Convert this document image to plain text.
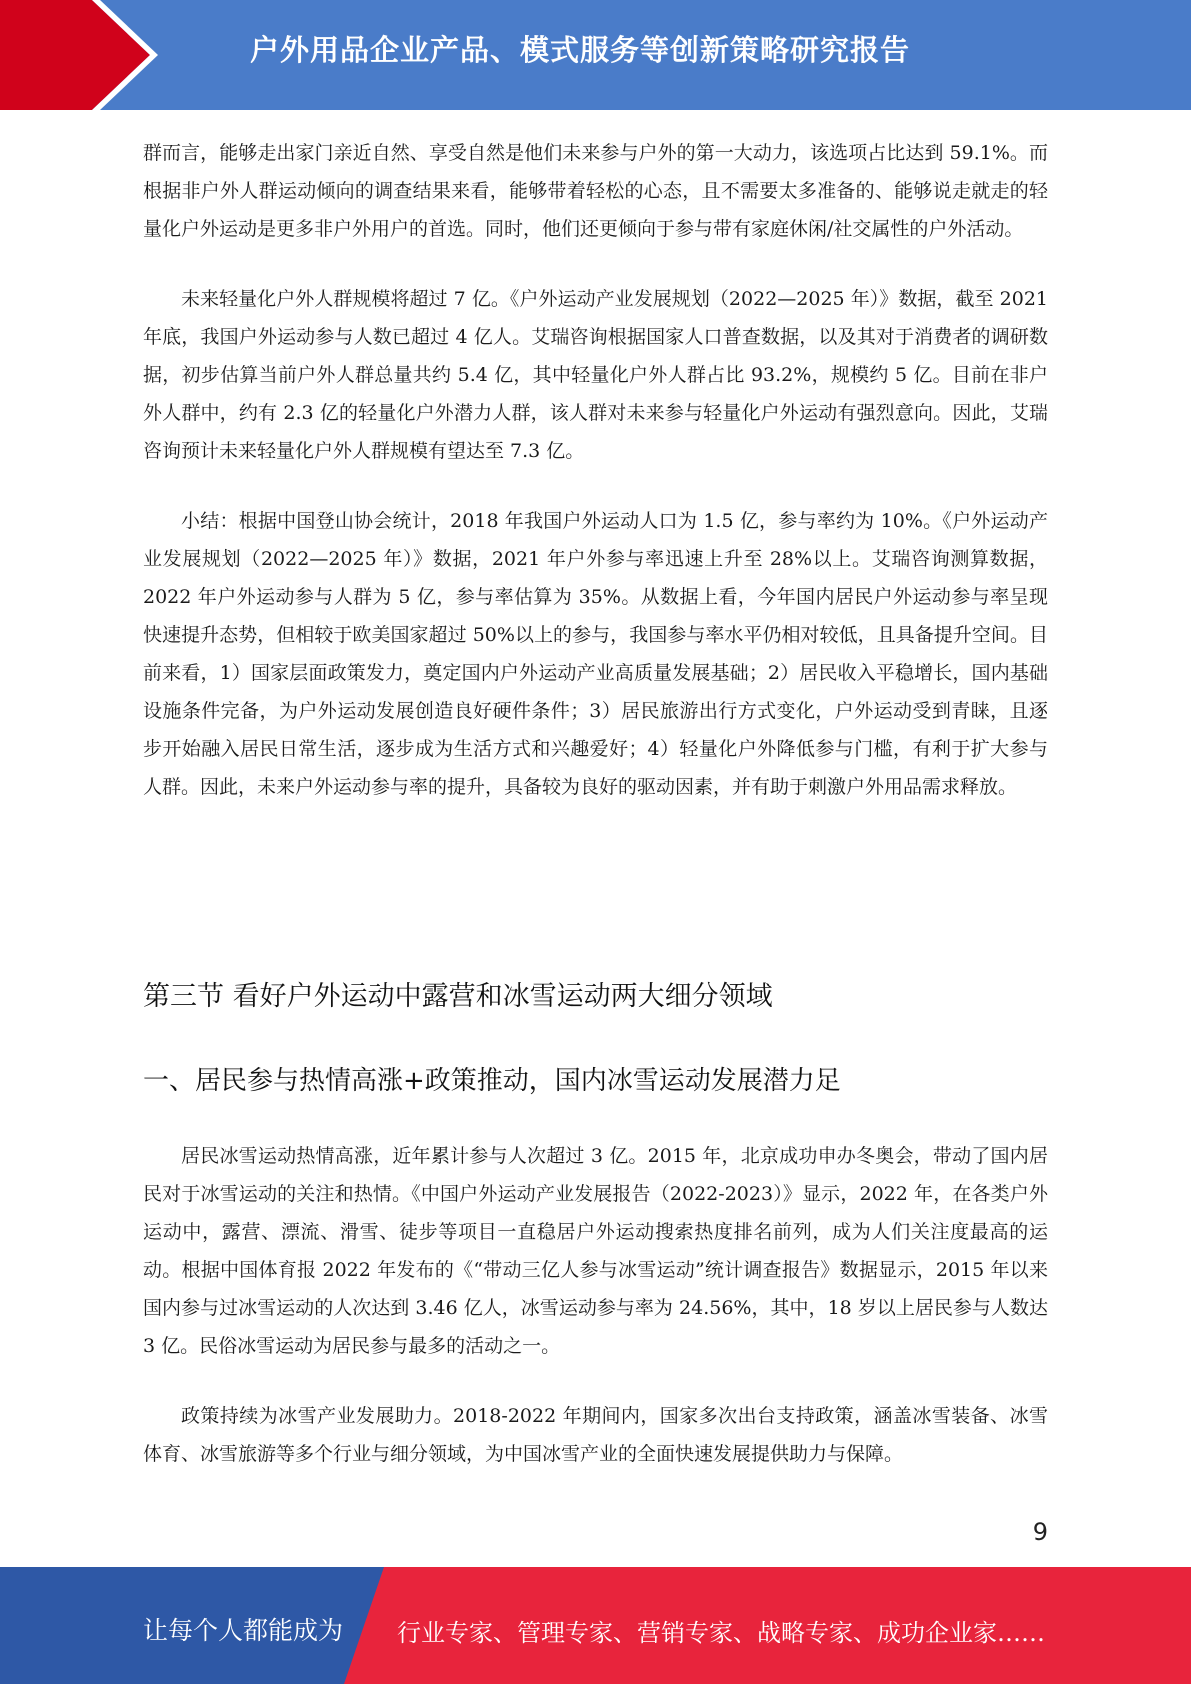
户外用品企业产品、模式服务等创新策略研究报告

群而言，能够走出家门亲近自然、享受自然是他们未来参与户外的第一大动力，该选项占比达到 59.1%。而根据非户外人群运动倾向的调查结果来看，能够带着轻松的心态，且不需要太多准备的、能够说走就走的轻量化户外运动是更多非户外用户的首选。同时，他们还更倾向于参与带有家庭休闲/社交属性的户外活动。

未来轻量化户外人群规模将超过 7 亿。《户外运动产业发展规划（2022—2025 年）》数据，截至 2021 年底，我国户外运动参与人数已超过 4 亿人。艾瑞咨询根据国家人口普查数据，以及其对于消费者的调研数据，初步估算当前户外人群总量共约 5.4 亿，其中轻量化户外人群占比 93.2%，规模约 5 亿。目前在非户外人群中，约有 2.3 亿的轻量化户外潜力人群，该人群对未来参与轻量化户外运动有强烈意向。因此，艾瑞咨询预计未来轻量化户外人群规模有望达至 7.3 亿。

小结：根据中国登山协会统计，2018 年我国户外运动人口为 1.5 亿，参与率约为 10%。《户外运动产业发展规划（2022—2025 年）》数据，2021 年户外参与率迅速上升至 28%以上。艾瑞咨询测算数据，2022 年户外运动参与人群为 5 亿，参与率估算为 35%。从数据上看，今年国内居民户外运动参与率呈现快速提升态势，但相较于欧美国家超过 50%以上的参与，我国参与率水平仍相对较低，且具备提升空间。目前来看，1）国家层面政策发力，奠定国内户外运动产业高质量发展基础；2）居民收入平稳增长，国内基础设施条件完备，为户外运动发展创造良好硬件条件；3）居民旅游出行方式变化，户外运动受到青睐，且逐步开始融入居民日常生活，逐步成为生活方式和兴趣爱好；4）轻量化户外降低参与门槛，有利于扩大参与人群。因此，未来户外运动参与率的提升，具备较为良好的驱动因素，并有助于刺激户外用品需求释放。

第三节 看好户外运动中露营和冰雪运动两大细分领域
一、居民参与热情高涨+政策推动，国内冰雪运动发展潜力足

居民冰雪运动热情高涨，近年累计参与人次超过 3 亿。2015 年，北京成功申办冬奥会，带动了国内居民对于冰雪运动的关注和热情。《中国户外运动产业发展报告（2022-2023）》显示，2022 年，在各类户外运动中，露营、漂流、滑雪、徒步等项目一直稳居户外运动搜索热度排名前列，成为人们关注度最高的运动。根据中国体育报 2022 年发布的《“带动三亿人参与冰雪运动”统计调查报告》数据显示，2015 年以来国内参与过冰雪运动的人次达到 3.46 亿人，冰雪运动参与率为 24.56%，其中，18 岁以上居民参与人数达 3 亿。民俗冰雪运动为居民参与最多的活动之一。

政策持续为冰雪产业发展助力。2018-2022 年期间内，国家多次出台支持政策，涵盖冰雪装备、冰雪体育、冰雪旅游等多个行业与细分领域，为中国冰雪产业的全面快速发展提供助力与保障。

9
让每个人都能成为 行业专家、管理专家、营销专家、战略专家、成功企业家……
